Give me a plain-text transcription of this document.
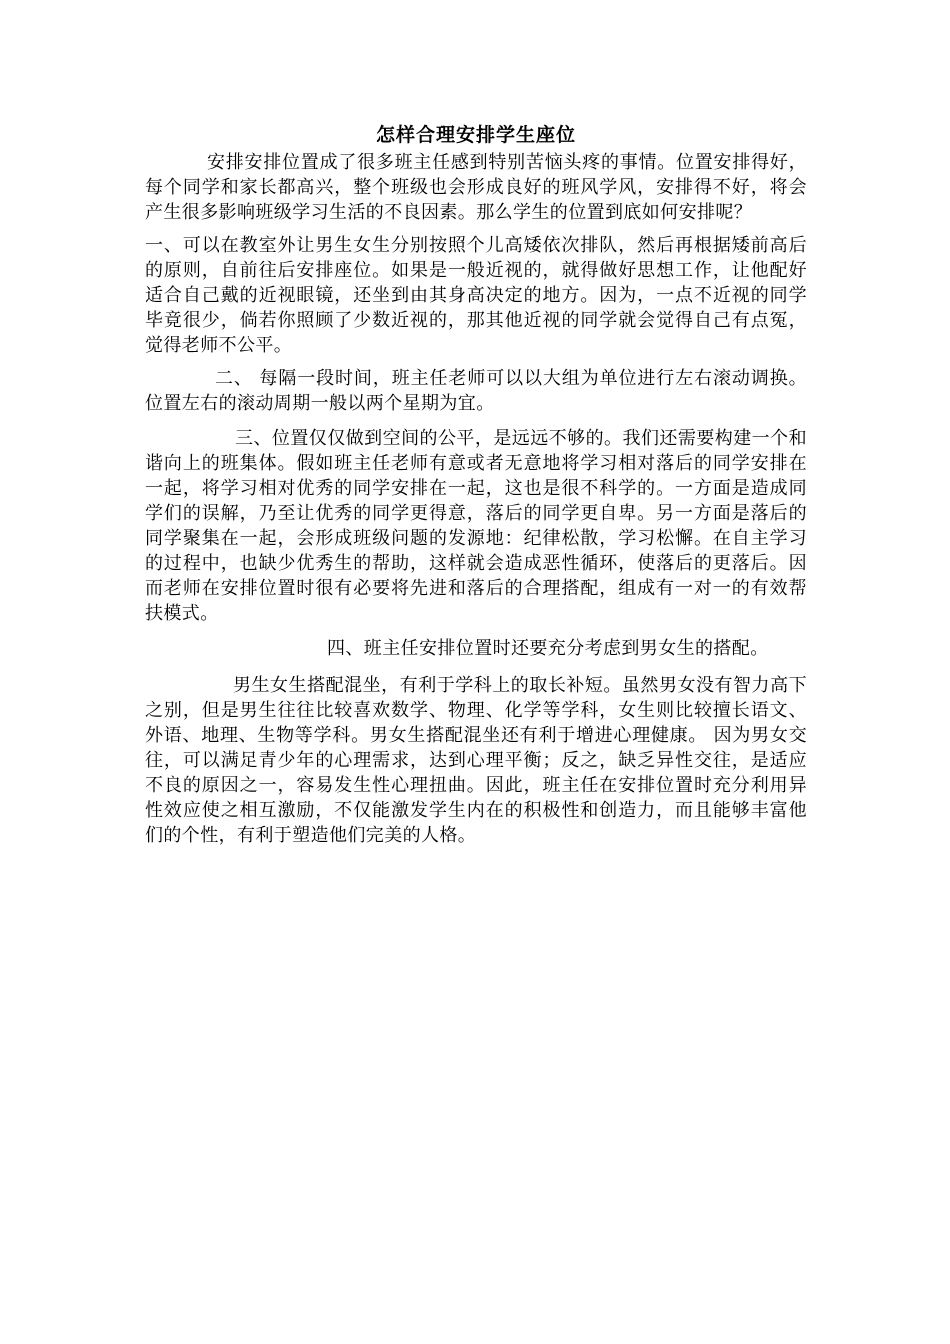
怎样合理安排学生座位

安排安排位置成了很多班主任感到特别苦恼头疼的事情。位置安排得好，每个同学和家长都高兴，整个班级也会形成良好的班风学风，安排得不好，将会产生很多影响班级学习生活的不良因素。那么学生的位置到底如何安排呢？

一、可以在教室外让男生女生分别按照个儿高矮依次排队，然后再根据矮前高后的原则，自前往后安排座位。如果是一般近视的，就得做好思想工作，让他配好适合自己戴的近视眼镜，还坐到由其身高决定的地方。因为，一点不近视的同学毕竟很少，倘若你照顾了少数近视的，那其他近视的同学就会觉得自己有点冤，觉得老师不公平。

二、 每隔一段时间，班主任老师可以以大组为单位进行左右滚动调换。位置左右的滚动周期一般以两个星期为宜。

三、位置仅仅做到空间的公平，是远远不够的。我们还需要构建一个和谐向上的班集体。假如班主任老师有意或者无意地将学习相对落后的同学安排在一起，将学习相对优秀的同学安排在一起，这也是很不科学的。一方面是造成同学们的误解，乃至让优秀的同学更得意，落后的同学更自卑。另一方面是落后的同学聚集在一起，会形成班级问题的发源地：纪律松散，学习松懈。在自主学习的过程中，也缺少优秀生的帮助，这样就会造成恶性循环，使落后的更落后。因而老师在安排位置时很有必要将先进和落后的合理搭配，组成有一对一的有效帮扶模式。

四、班主任安排位置时还要充分考虑到男女生的搭配。

男生女生搭配混坐，有利于学科上的取长补短。虽然男女没有智力高下之别，但是男生往往比较喜欢数学、物理、化学等学科，女生则比较擅长语文、外语、地理、生物等学科。男女生搭配混坐还有利于增进心理健康。 因为男女交往，可以满足青少年的心理需求，达到心理平衡；反之，缺乏异性交往，是适应不良的原因之一，容易发生性心理扭曲。因此，班主任在安排位置时充分利用异性效应使之相互激励，不仅能激发学生内在的积极性和创造力，而且能够丰富他们的个性，有利于塑造他们完美的人格。
